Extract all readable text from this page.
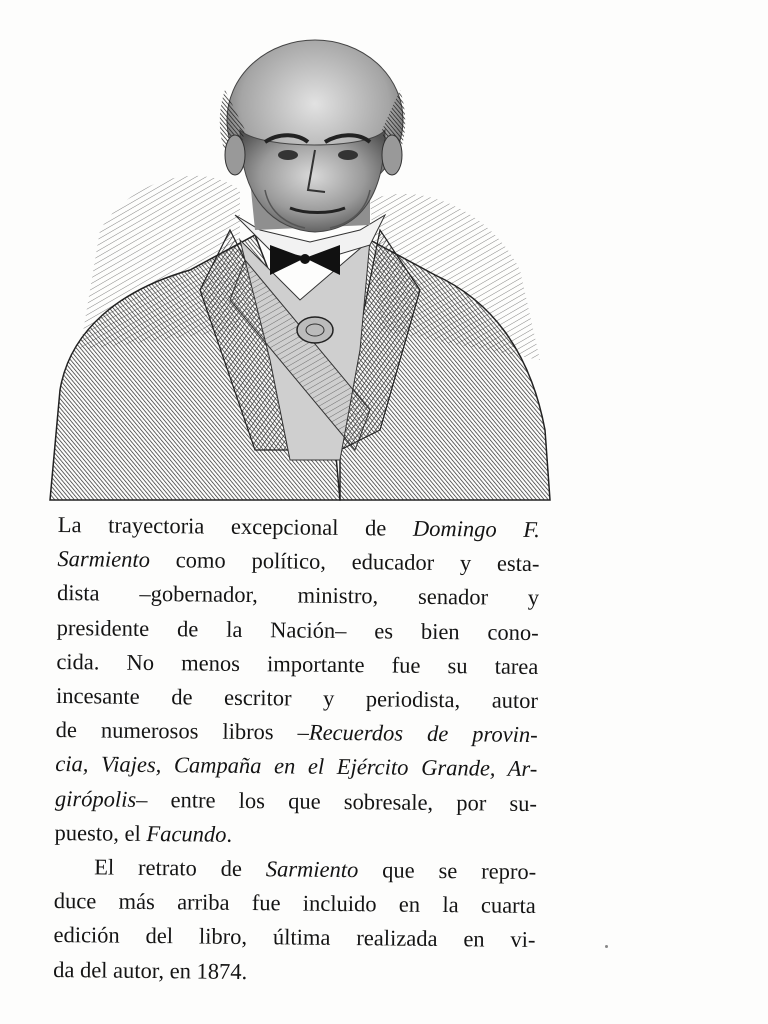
La trayectoria excepcional de Domingo F.
Sarmiento como político, educador y esta-
dista –gobernador, ministro, senador y
presidente de la Nación– es bien cono-
cida. No menos importante fue su tarea
incesante de escritor y periodista, autor
de numerosos libros –Recuerdos de provin-
cia, Viajes, Campaña en el Ejército Grande, Ar-
girópolis– entre los que sobresale, por su-
puesto, el Facundo.
El retrato de Sarmiento que se repro-
duce más arriba fue incluido en la cuarta
edición del libro, última realizada en vi-
da del autor, en 1874.
